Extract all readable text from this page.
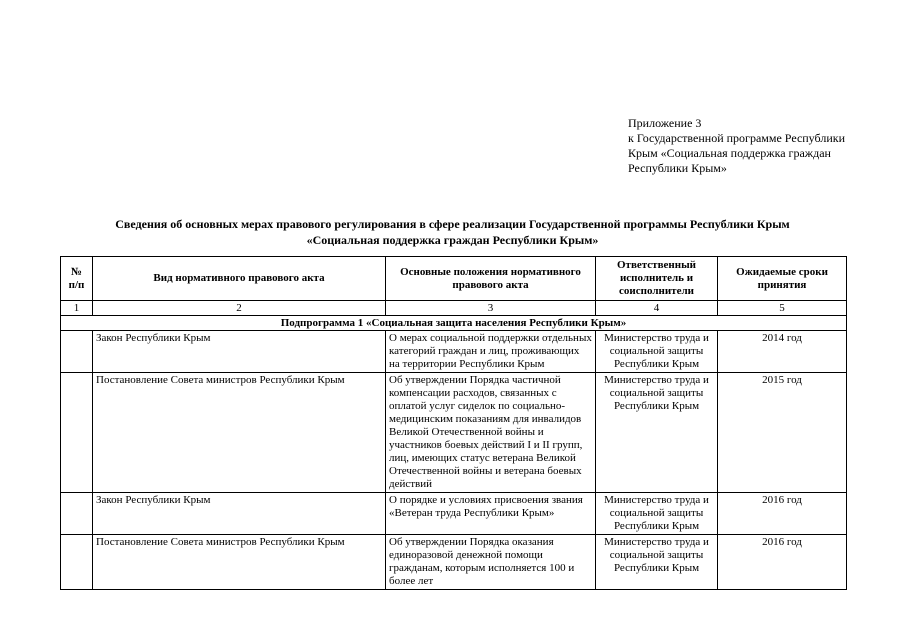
Приложение 3
к Государственной программе Республики
Крым «Социальная поддержка граждан
Республики Крым»
Сведения об основных мерах правового регулирования в сфере реализации Государственной программы Республики Крым
«Социальная поддержка граждан Республики Крым»
№ п/п	Вид нормативного правового акта	Основные положения нормативного правового акта	Ответственный исполнитель и соисполнители	Ожидаемые сроки принятия
1	2	3	4	5
Подпрограмма 1 «Социальная защита населения Республики Крым»				
	Закон Республики Крым	О мерах социальной поддержки отдельных категорий граждан и лиц, проживающих на территории Республики Крым	Министерство труда и социальной защиты Республики Крым	2014 год
	Постановление Совета министров Республики Крым	Об утверждении Порядка частичной компенсации расходов, связанных с оплатой услуг сиделок по социально-медицинским показаниям для инвалидов Великой Отечественной войны и участников боевых действий I и II групп, лиц, имеющих статус ветерана Великой Отечественной войны и ветерана боевых действий	Министерство труда и социальной защиты Республики Крым	2015 год
	Закон Республики Крым	О порядке и условиях присвоения звания «Ветеран труда Республики Крым»	Министерство труда и социальной защиты Республики Крым	2016 год
	Постановление Совета министров Республики Крым	Об утверждении Порядка оказания единоразовой денежной помощи гражданам, которым исполняется 100 и более лет	Министерство труда и социальной защиты Республики Крым	2016 год
